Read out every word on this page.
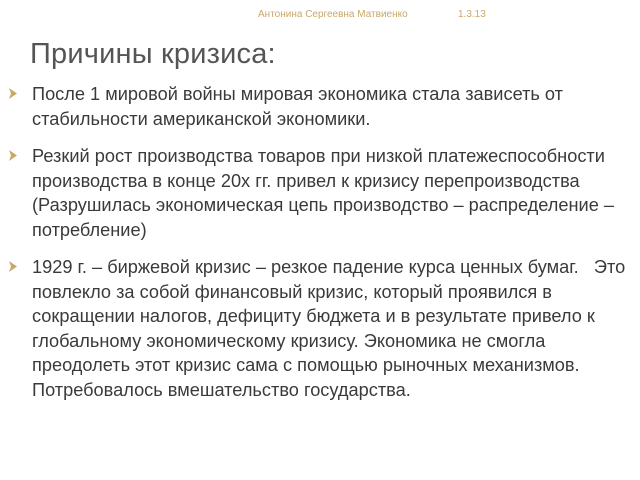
Антонина Сергеевна Матвиенко	1.3.13
Причины кризиса:
После 1 мировой войны мировая экономика стала зависеть от стабильности американской экономики.
Резкий рост производства товаров при низкой платежеспособности производства в конце 20х гг. привел к кризису перепроизводства (Разрушилась экономическая цепь производство – распределение – потребление)
1929 г. – биржевой кризис – резкое падение курса ценных бумаг.   Это повлекло за собой финансовый кризис, который проявился в сокращении налогов, дефициту бюджета и в результате привело к глобальному экономическому кризису. Экономика не смогла преодолеть этот кризис сама с помощью рыночных механизмов. Потребовалось вмешательство государства.
